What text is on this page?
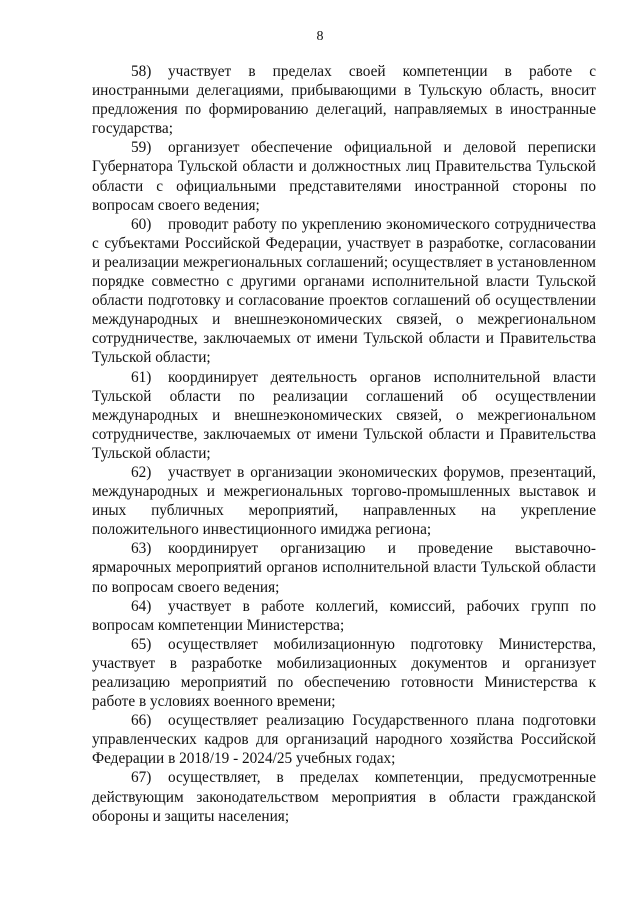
8

58) участвует в пределах своей компетенции в работе с иностранными делегациями, прибывающими в Тульскую область, вносит предложения по формированию делегаций, направляемых в иностранные государства;

59) организует обеспечение официальной и деловой переписки Губернатора Тульской области и должностных лиц Правительства Тульской области с официальными представителями иностранной стороны по вопросам своего ведения;

60) проводит работу по укреплению экономического сотрудничества с субъектами Российской Федерации, участвует в разработке, согласовании и реализации межрегиональных соглашений; осуществляет в установленном порядке совместно с другими органами исполнительной власти Тульской области подготовку и согласование проектов соглашений об осуществлении международных и внешнеэкономических связей, о межрегиональном сотрудничестве, заключаемых от имени Тульской области и Правительства Тульской области;

61) координирует деятельность органов исполнительной власти Тульской области по реализации соглашений об осуществлении международных и внешнеэкономических связей, о межрегиональном сотрудничестве, заключаемых от имени Тульской области и Правительства Тульской области;

62) участвует в организации экономических форумов, презентаций, международных и межрегиональных торгово-промышленных выставок и иных публичных мероприятий, направленных на укрепление положительного инвестиционного имиджа региона;

63) координирует организацию и проведение выставочно-ярмарочных мероприятий органов исполнительной власти Тульской области по вопросам своего ведения;

64) участвует в работе коллегий, комиссий, рабочих групп по вопросам компетенции Министерства;

65) осуществляет мобилизационную подготовку Министерства, участвует в разработке мобилизационных документов и организует реализацию мероприятий по обеспечению готовности Министерства к работе в условиях военного времени;

66) осуществляет реализацию Государственного плана подготовки управленческих кадров для организаций народного хозяйства Российской Федерации в 2018/19 - 2024/25 учебных годах;

67) осуществляет, в пределах компетенции, предусмотренные действующим законодательством мероприятия в области гражданской обороны и защиты населения;
